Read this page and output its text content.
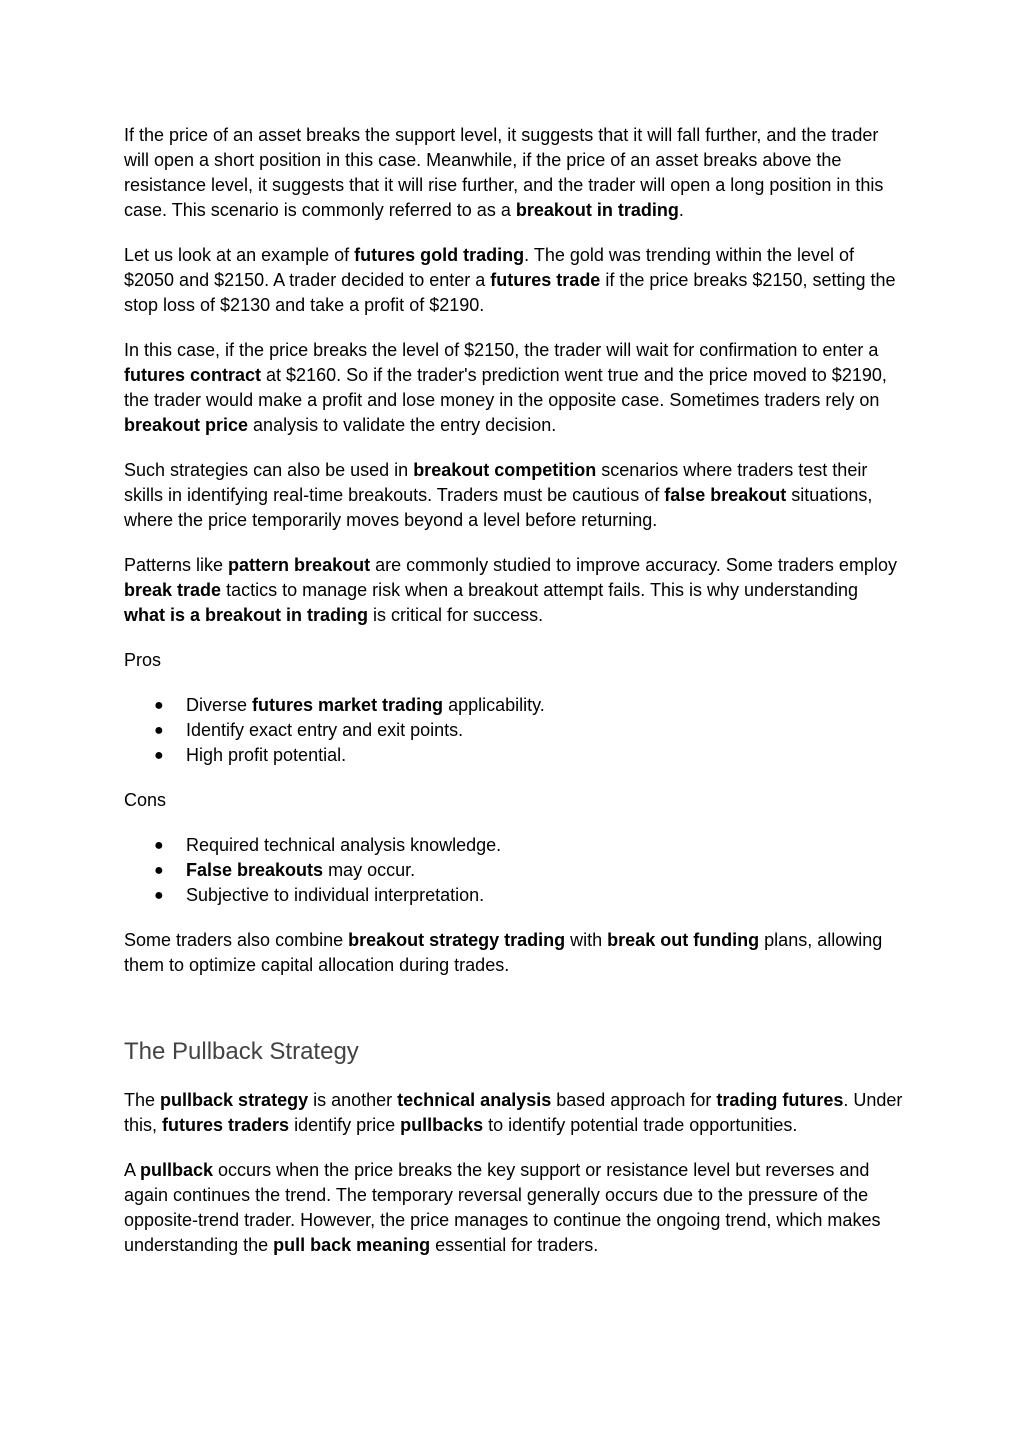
If the price of an asset breaks the support level, it suggests that it will fall further, and the trader will open a short position in this case. Meanwhile, if the price of an asset breaks above the resistance level, it suggests that it will rise further, and the trader will open a long position in this case. This scenario is commonly referred to as a breakout in trading.

Let us look at an example of futures gold trading. The gold was trending within the level of $2050 and $2150. A trader decided to enter a futures trade if the price breaks $2150, setting the stop loss of $2130 and take a profit of $2190.

In this case, if the price breaks the level of $2150, the trader will wait for confirmation to enter a futures contract at $2160. So if the trader's prediction went true and the price moved to $2190, the trader would make a profit and lose money in the opposite case. Sometimes traders rely on breakout price analysis to validate the entry decision.

Such strategies can also be used in breakout competition scenarios where traders test their skills in identifying real-time breakouts. Traders must be cautious of false breakout situations, where the price temporarily moves beyond a level before returning.

Patterns like pattern breakout are commonly studied to improve accuracy. Some traders employ break trade tactics to manage risk when a breakout attempt fails. This is why understanding what is a breakout in trading is critical for success.

Pros

● Diverse futures market trading applicability.
● Identify exact entry and exit points.
● High profit potential.

Cons

● Required technical analysis knowledge.
● False breakouts may occur.
● Subjective to individual interpretation.

Some traders also combine breakout strategy trading with break out funding plans, allowing them to optimize capital allocation during trades.

The Pullback Strategy

The pullback strategy is another technical analysis based approach for trading futures. Under this, futures traders identify price pullbacks to identify potential trade opportunities.

A pullback occurs when the price breaks the key support or resistance level but reverses and again continues the trend. The temporary reversal generally occurs due to the pressure of the opposite-trend trader. However, the price manages to continue the ongoing trend, which makes understanding the pull back meaning essential for traders.
